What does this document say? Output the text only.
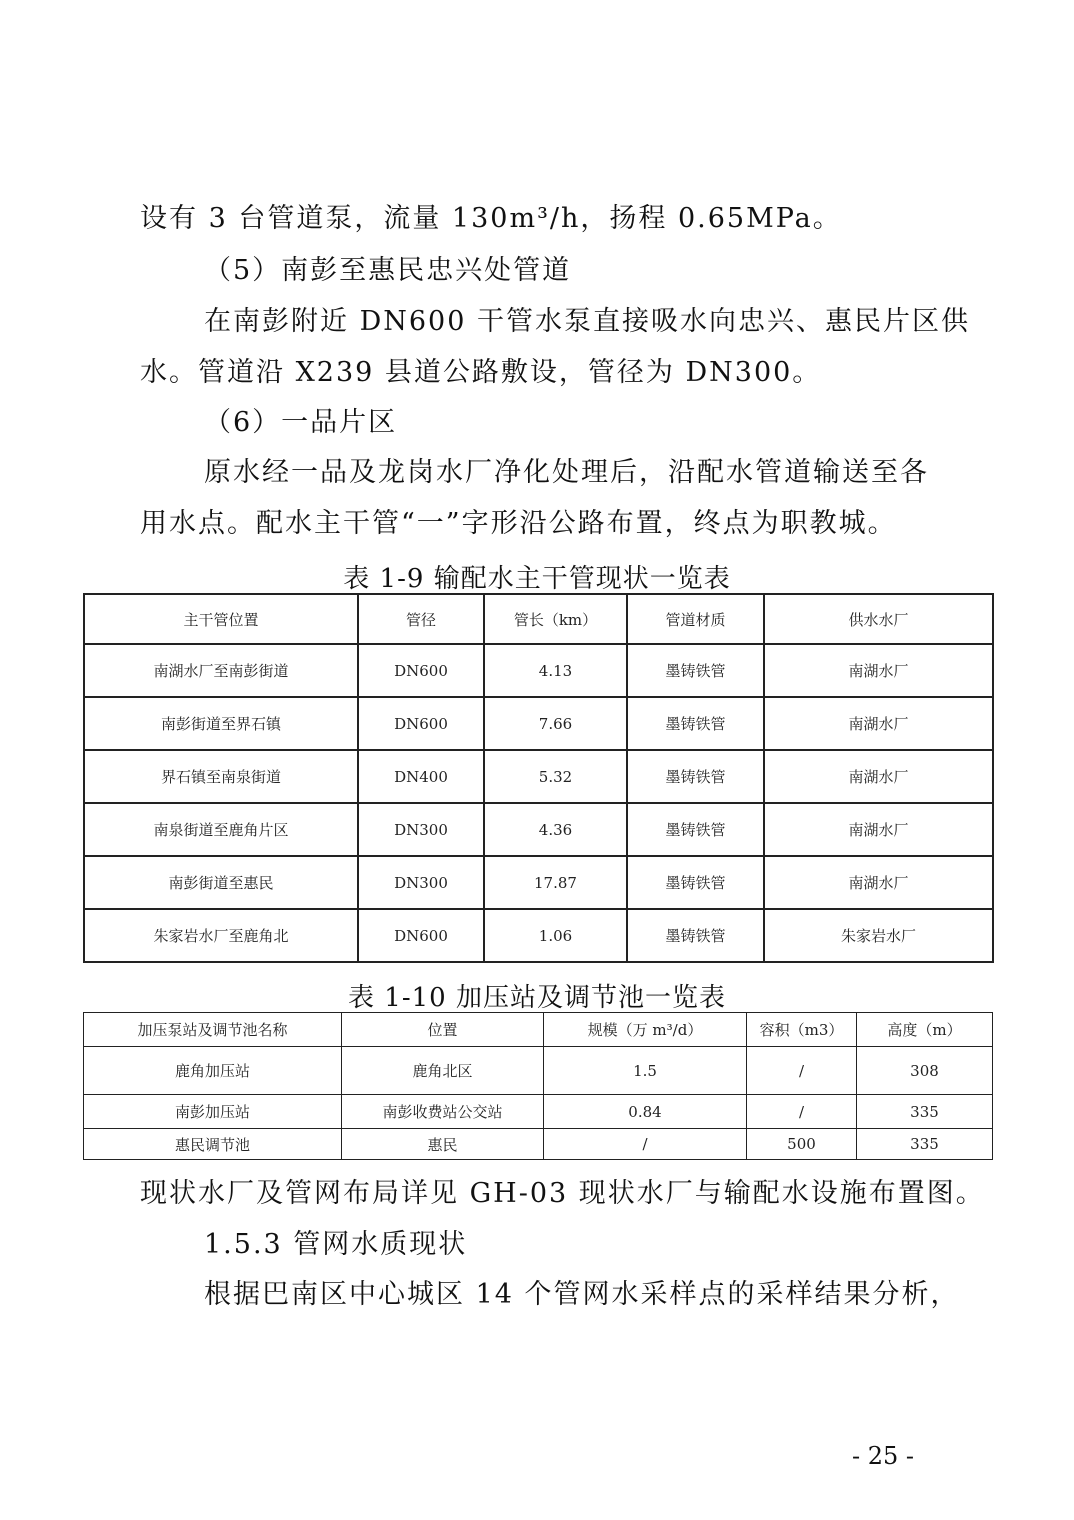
设有 3 台管道泵，流量 130m³/h，扬程 0.65MPa。
（5）南彭至惠民忠兴处管道
在南彭附近 DN600 干管水泵直接吸水向忠兴、惠民片区供
水。管道沿 X239 县道公路敷设，管径为 DN300。
（6）一品片区
原水经一品及龙岗水厂净化处理后，沿配水管道输送至各
用水点。配水主干管“一”字形沿公路布置，终点为职教城。
表 1-9 输配水主干管现状一览表
主干管位置	管径	管长（km）	管道材质	供水水厂
南湖水厂至南彭街道	DN600	4.13	墨铸铁管	南湖水厂
南彭街道至界石镇	DN600	7.66	墨铸铁管	南湖水厂
界石镇至南泉街道	DN400	5.32	墨铸铁管	南湖水厂
南泉街道至鹿角片区	DN300	4.36	墨铸铁管	南湖水厂
南彭街道至惠民	DN300	17.87	墨铸铁管	南湖水厂
朱家岩水厂至鹿角北	DN600	1.06	墨铸铁管	朱家岩水厂
表 1-10 加压站及调节池一览表
加压泵站及调节池名称	位置	规模（万 m³/d）	容积（m3）	高度（m）
鹿角加压站	鹿角北区	1.5	/	308
南彭加压站	南彭收费站公交站	0.84	/	335
惠民调节池	惠民	/	500	335
现状水厂及管网布局详见 GH-03 现状水厂与输配水设施布置图。
1.5.3 管网水质现状
根据巴南区中心城区 14 个管网水采样点的采样结果分析，
- 25 -
